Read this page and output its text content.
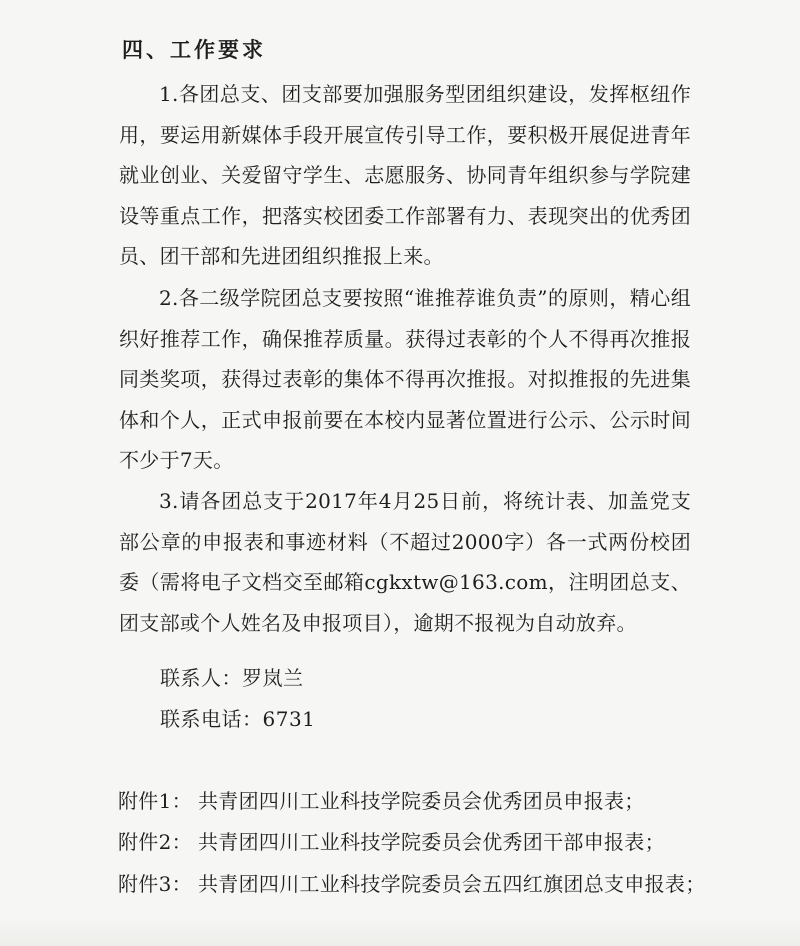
四、工作要求

1.各团总支、团支部要加强服务型团组织建设，发挥枢纽作用，要运用新媒体手段开展宣传引导工作，要积极开展促进青年就业创业、关爱留守学生、志愿服务、协同青年组织参与学院建设等重点工作，把落实校团委工作部署有力、表现突出的优秀团员、团干部和先进团组织推报上来。

2.各二级学院团总支要按照“谁推荐谁负责”的原则，精心组织好推荐工作，确保推荐质量。获得过表彰的个人不得再次推报同类奖项，获得过表彰的集体不得再次推报。对拟推报的先进集体和个人，正式申报前要在本校内显著位置进行公示、公示时间不少于7天。

3.请各团总支于2017年4月25日前，将统计表、加盖党支部公章的申报表和事迹材料（不超过2000字）各一式两份校团委（需将电子文档交至邮箱cgkxtw@163.com，注明团总支、团支部或个人姓名及申报项目），逾期不报视为自动放弃。

联系人：罗岚兰
联系电话：6731
附件1： 共青团四川工业科技学院委员会优秀团员申报表；
附件2： 共青团四川工业科技学院委员会优秀团干部申报表；
附件3： 共青团四川工业科技学院委员会五四红旗团总支申报表；
